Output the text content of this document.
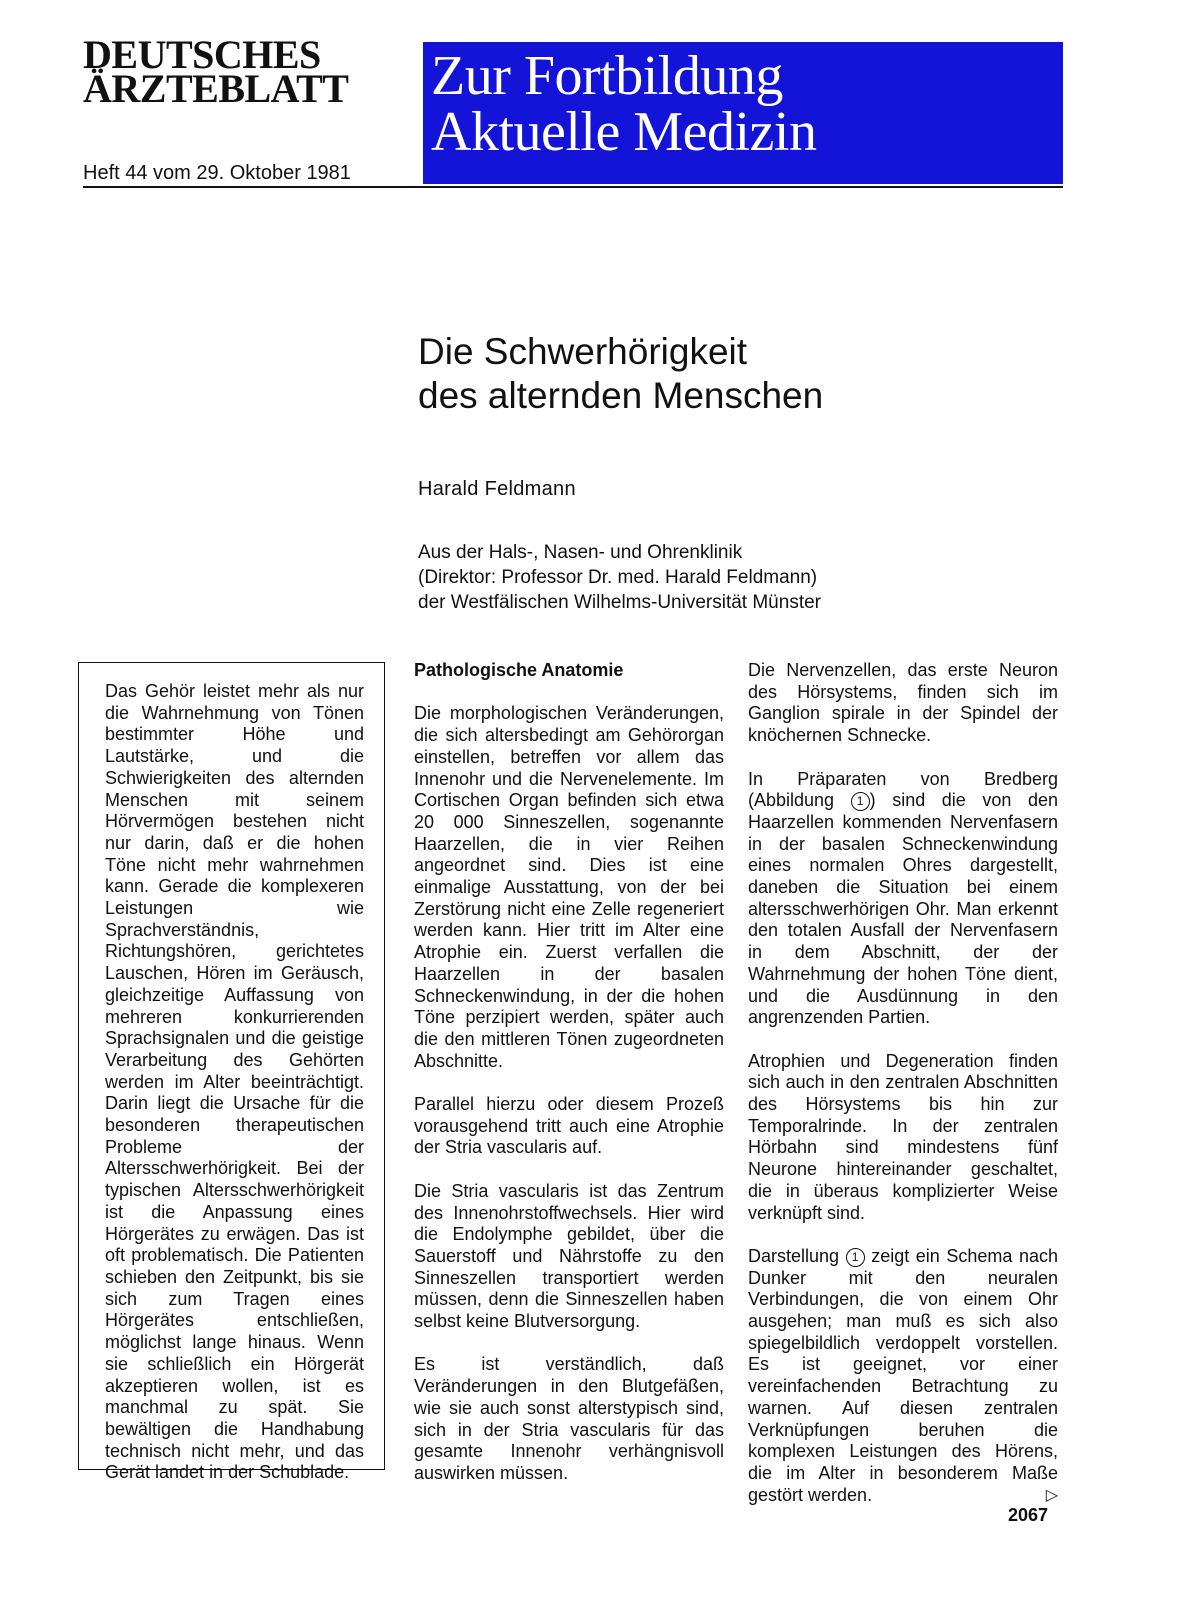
DEUTSCHES
ÄRZTEBLATT
Heft 44 vom 29. Oktober 1981
Zur Fortbildung
Aktuelle Medizin
Die Schwerhörigkeit
des alternden Menschen
Harald Feldmann
Aus der Hals-, Nasen- und Ohrenklinik
(Direktor: Professor Dr. med. Harald Feldmann)
der Westfälischen Wilhelms-Universität Münster

Das Gehör leistet mehr als nur die Wahrnehmung von Tönen bestimmter Höhe und Lautstärke, und die Schwierigkeiten des alternden Menschen mit seinem Hörvermögen bestehen nicht nur darin, daß er die hohen Töne nicht mehr wahrnehmen kann. Gerade die komplexeren Leistungen wie Sprachverständnis, Richtungshören, gerichtetes Lauschen, Hören im Geräusch, gleichzeitige Auffassung von mehreren konkurrierenden Sprachsignalen und die geistige Verarbeitung des Gehörten werden im Alter beeinträchtigt. Darin liegt die Ursache für die besonderen therapeutischen Probleme der Altersschwerhörigkeit. Bei der typischen Altersschwerhörigkeit ist die Anpassung eines Hörgerätes zu erwägen. Das ist oft problematisch. Die Patienten schieben den Zeitpunkt, bis sie sich zum Tragen eines Hörgerätes entschließen, möglichst lange hinaus. Wenn sie schließlich ein Hörgerät akzeptieren wollen, ist es manchmal zu spät. Sie bewältigen die Handhabung technisch nicht mehr, und das Gerät landet in der Schublade.

Pathologische Anatomie

Die morphologischen Veränderungen, die sich altersbedingt am Gehörorgan einstellen, betreffen vor allem das Innenohr und die Nervenelemente. Im Cortischen Organ befinden sich etwa 20 000 Sinneszellen, sogenannte Haarzellen, die in vier Reihen angeordnet sind. Dies ist eine einmalige Ausstattung, von der bei Zerstörung nicht eine Zelle regeneriert werden kann. Hier tritt im Alter eine Atrophie ein. Zuerst verfallen die Haarzellen in der basalen Schneckenwindung, in der die hohen Töne perzipiert werden, später auch die den mittleren Tönen zugeordneten Abschnitte.

Parallel hierzu oder diesem Prozeß vorausgehend tritt auch eine Atrophie der Stria vascularis auf.

Die Stria vascularis ist das Zentrum des Innenohrstoffwechsels. Hier wird die Endolymphe gebildet, über die Sauerstoff und Nährstoffe zu den Sinneszellen transportiert werden müssen, denn die Sinneszellen haben selbst keine Blutversorgung.

Es ist verständlich, daß Veränderungen in den Blutgefäßen, wie sie auch sonst alterstypisch sind, sich in der Stria vascularis für das gesamte Innenohr verhängnisvoll auswirken müssen.

Die Nervenzellen, das erste Neuron des Hörsystems, finden sich im Ganglion spirale in der Spindel der knöchernen Schnecke.

In Präparaten von Bredberg (Abbildung 1 ) sind die von den Haarzellen kommenden Nervenfasern in der basalen Schneckenwindung eines normalen Ohres dargestellt, daneben die Situation bei einem altersschwerhörigen Ohr. Man erkennt den totalen Ausfall der Nervenfasern in dem Abschnitt, der der Wahrnehmung der hohen Töne dient, und die Ausdünnung in den angrenzenden Partien.

Atrophien und Degeneration finden sich auch in den zentralen Abschnitten des Hörsystems bis hin zur Temporalrinde. In der zentralen Hörbahn sind mindestens fünf Neurone hintereinander geschaltet, die in überaus komplizierter Weise verknüpft sind.

Darstellung 1 zeigt ein Schema nach Dunker mit den neuralen Verbindungen, die von einem Ohr ausgehen; man muß es sich also spiegelbildlich verdoppelt vorstellen. Es ist geeignet, vor einer vereinfachenden Betrachtung zu warnen. Auf diesen zentralen Verknüpfungen beruhen die komplexen Leistungen des Hörens, die im Alter in besonderem Maße gestört werden.	▷

2067
